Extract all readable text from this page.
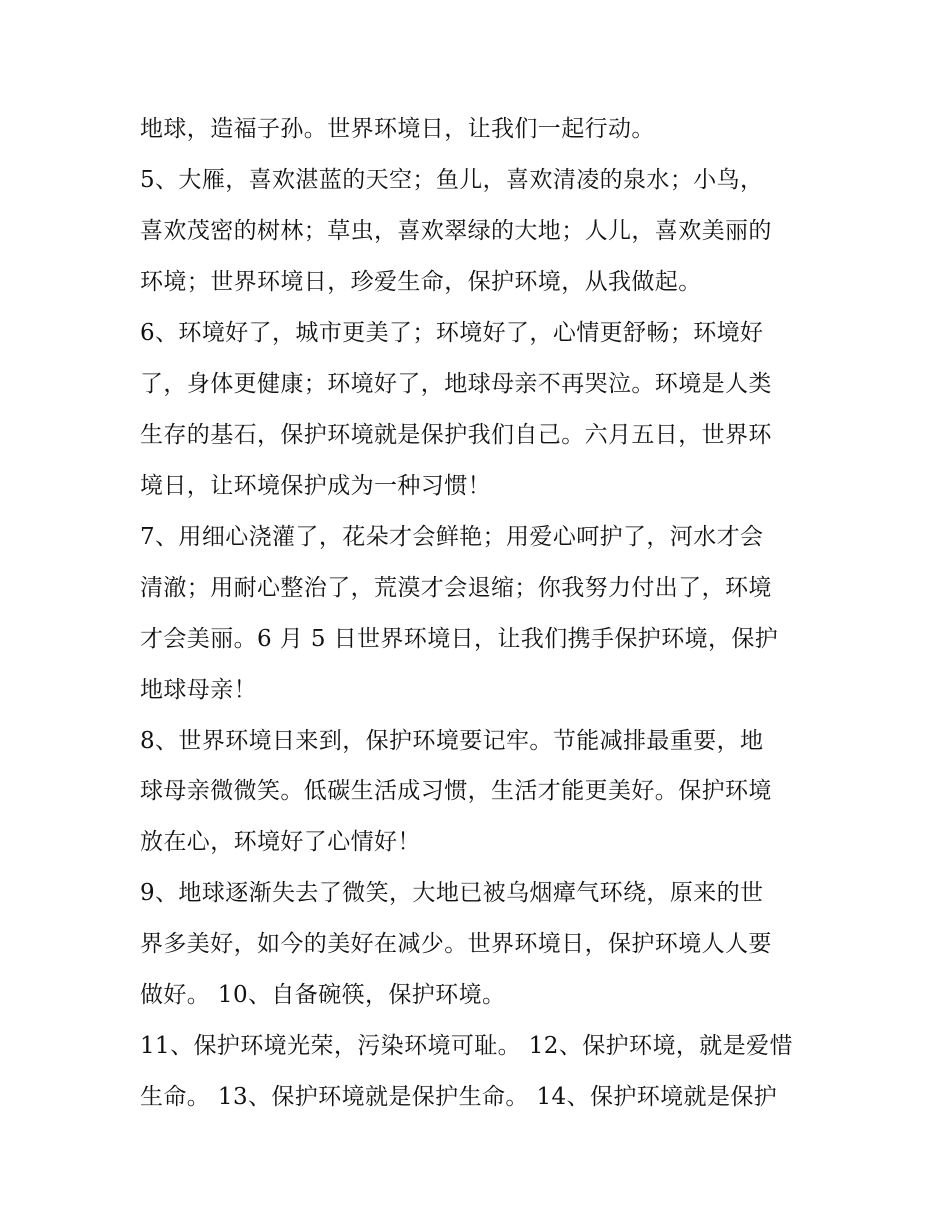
地球，造福子孙。世界环境日，让我们一起行动。
5、大雁，喜欢湛蓝的天空；鱼儿，喜欢清凌的泉水；小鸟，
喜欢茂密的树林；草虫，喜欢翠绿的大地；人儿，喜欢美丽的
环境；世界环境日，珍爱生命，保护环境，从我做起。
6、环境好了，城市更美了；环境好了，心情更舒畅；环境好
了，身体更健康；环境好了，地球母亲不再哭泣。环境是人类
生存的基石，保护环境就是保护我们自己。六月五日，世界环
境日，让环境保护成为一种习惯！
7、用细心浇灌了，花朵才会鲜艳；用爱心呵护了，河水才会
清澈；用耐心整治了，荒漠才会退缩；你我努力付出了，环境
才会美丽。6 月 5 日世界环境日，让我们携手保护环境，保护
地球母亲！
8、世界环境日来到，保护环境要记牢。节能减排最重要，地
球母亲微微笑。低碳生活成习惯，生活才能更美好。保护环境
放在心，环境好了心情好！
9、地球逐渐失去了微笑，大地已被乌烟瘴气环绕，原来的世
界多美好，如今的美好在减少。世界环境日，保护环境人人要
做好。 10、自备碗筷，保护环境。
11、保护环境光荣，污染环境可耻。 12、保护环境，就是爱惜
生命。 13、保护环境就是保护生命。 14、保护环境就是保护
